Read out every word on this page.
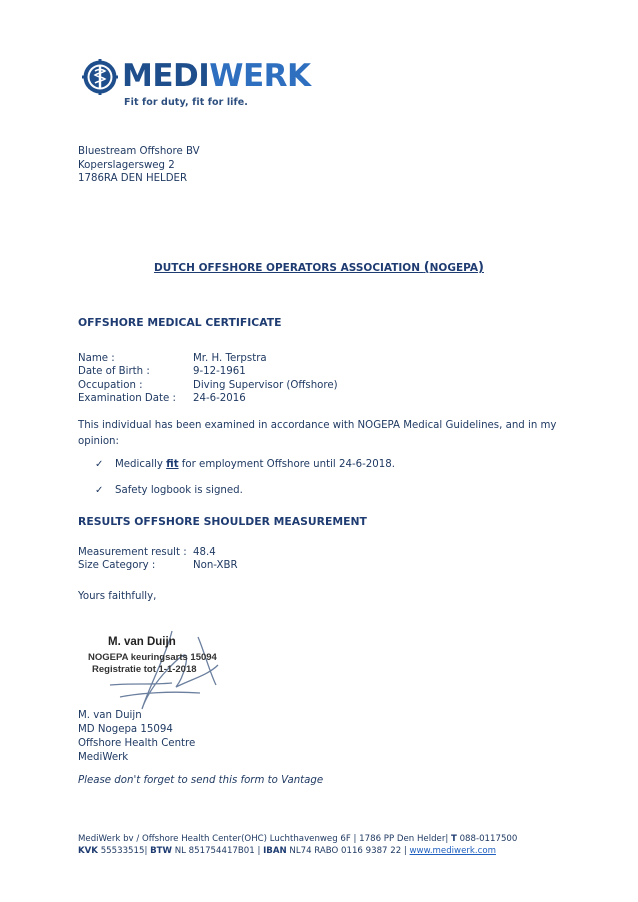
MEDIWERK
Fit for duty, fit for life.
Bluestream Offshore BV
Koperslagersweg 2
1786RA DEN HELDER
DUTCH OFFSHORE OPERATORS ASSOCIATION (NOGEPA)
OFFSHORE MEDICAL CERTIFICATE
Name :	Mr. H. Terpstra
Date of Birth :	9-12-1961
Occupation :	Diving Supervisor (Offshore)
Examination Date : 24-6-2016
This individual has been examined in accordance with NOGEPA Medical Guidelines, and in my opinion:
✓ Medically fit for employment Offshore until 24-6-2018.
✓ Safety logbook is signed.
RESULTS OFFSHORE SHOULDER MEASUREMENT
Measurement result : 48.4
Size Category :	Non-XBR
Yours faithfully,
M. van Duijn
NOGEPA keuringsarts 15094
Registratie tot 1-1-2018
M. van Duijn
MD Nogepa 15094
Offshore Health Centre
MediWerk
Please don't forget to send this form to Vantage
MediWerk bv / Offshore Health Center(OHC) Luchthavenweg 6F | 1786 PP Den Helder| T 088-0117500
KVK 55533515| BTW NL 851754417B01 | IBAN NL74 RABO 0116 9387 22 | www.mediwerk.com
